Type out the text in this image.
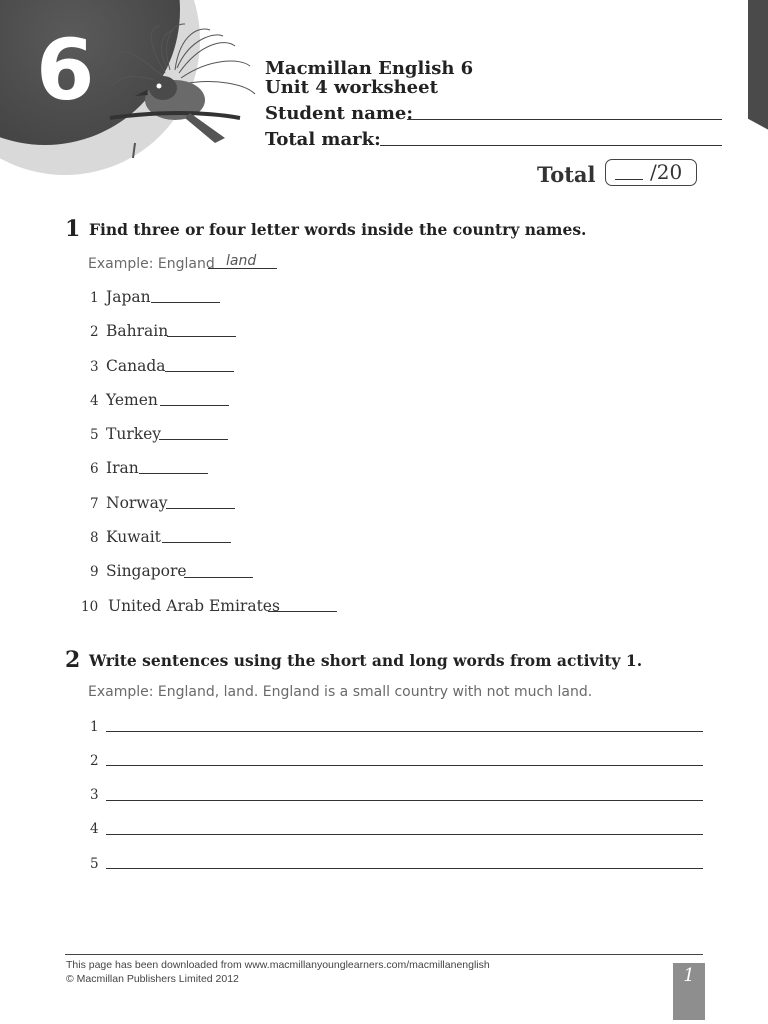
6	Macmillan English 6
Unit 4 worksheet
Student name:
Total mark:
Total	/20
1 Find three or four letter words inside the country names.
Example: England land
1 Japan
2 Bahrain
3 Canada
4 Yemen
5 Turkey
6 Iran
7 Norway
8 Kuwait
9 Singapore
10 United Arab Emirates
2 Write sentences using the short and long words from activity 1.
Example: England, land. England is a small country with not much land.
1
2
3
4
5
This page has been downloaded from www.macmillanyounglearners.com/macmillanenglish
© Macmillan Publishers Limited 2012	1
